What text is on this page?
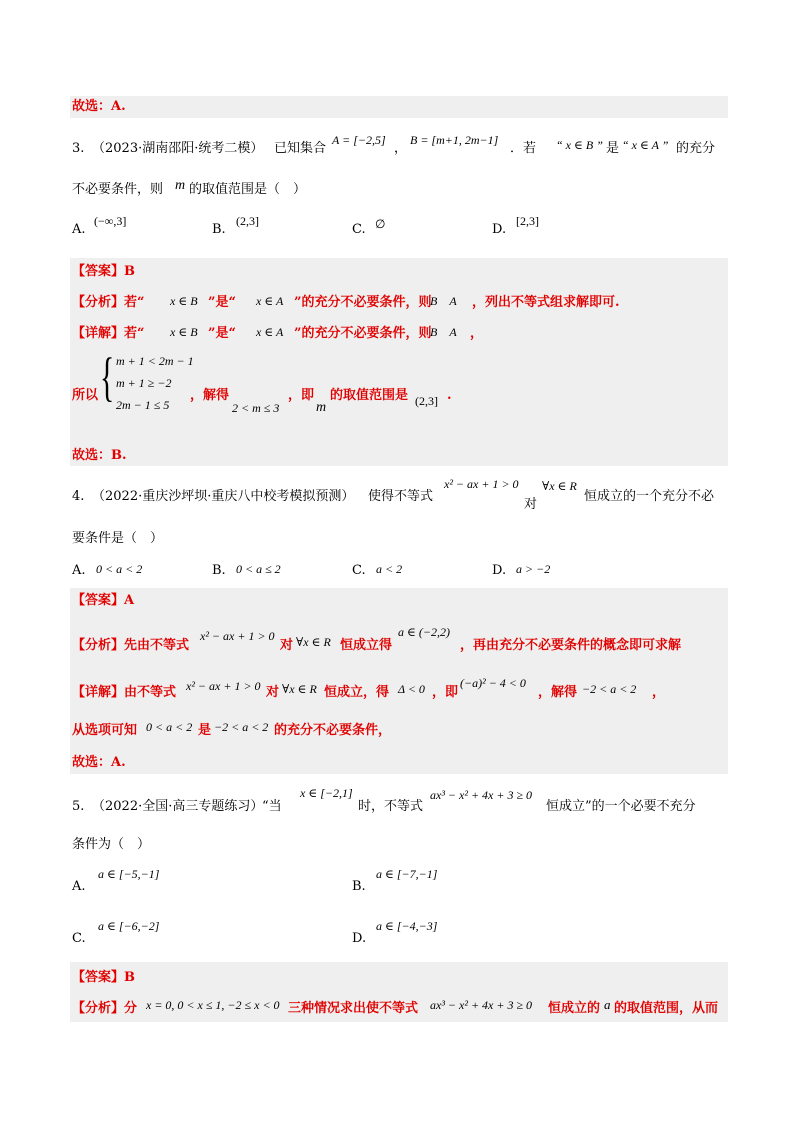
故选：A.
3. （2023·湖南邵阳·统考二模） 已知集合
A = [−2,5]
，
B = [m+1, 2m−1]
．若 “ x ∈ B ” 是 “ x ∈ A ” 的充分
不必要条件，则 m 的取值范围是（　）
A.
(−∞,3]
B.
(2,3]
C. ∅	D.
[2,3]
【答案】B
【分析】若“ x ∈ B ”是“ x ∈ A ”的充分不必要条件，则
B　A ，列出不等式组求解即可.
【详解】若“ x ∈ B ”是“ x ∈ A ”的充分不必要条件，则
B　A ，
所以 { m + 1 < 2m − 1
m + 1 ≥ −2
2m − 1 ≤ 5
，解得
2 < m ≤ 3
，即
m
的取值范围是 (2,3] .
故选：B.
4. （2022·重庆沙坪坝·重庆八中校考模拟预测） 使得不等式
x² − ax + 1 > 0
对
∀x ∈ R
恒成立的一个充分不必
要条件是（　）
A. 0 < a < 2	B. 0 < a ≤ 2	C. a < 2	D. a > −2
【答案】A
【分析】先由不等式
x² − ax + 1 > 0
对 ∀x ∈ R 恒成立得
a ∈ (−2,2)
，再由充分不必要条件的概念即可求解
【详解】由不等式 x² − ax + 1 > 0 对 ∀x ∈ R 恒成立，得 Δ < 0 ，即
(−a)² − 4 < 0
，解得 −2 < a < 2 ，
从选项可知 0 < a < 2 是 −2 < a < 2 的充分不必要条件，
故选：A.
5. （2022·全国·高三专题练习）
“当
x ∈ [−2,1]
时，不等式
ax³ − x² + 4x + 3 ≥ 0
恒成立”的一个必要不充分
条件为（　）
A.
a ∈ [−5,−1]
B.
a ∈ [−7,−1]
C.
a ∈ [−6,−2]
D.
a ∈ [−4,−3]
【答案】B
【分析】分 x = 0, 0 < x ≤ 1, −2 ≤ x < 0 三种情况求出使不等式 ax³ − x² + 4x + 3 ≥ 0 恒成立的 a 的取值范围，从而
